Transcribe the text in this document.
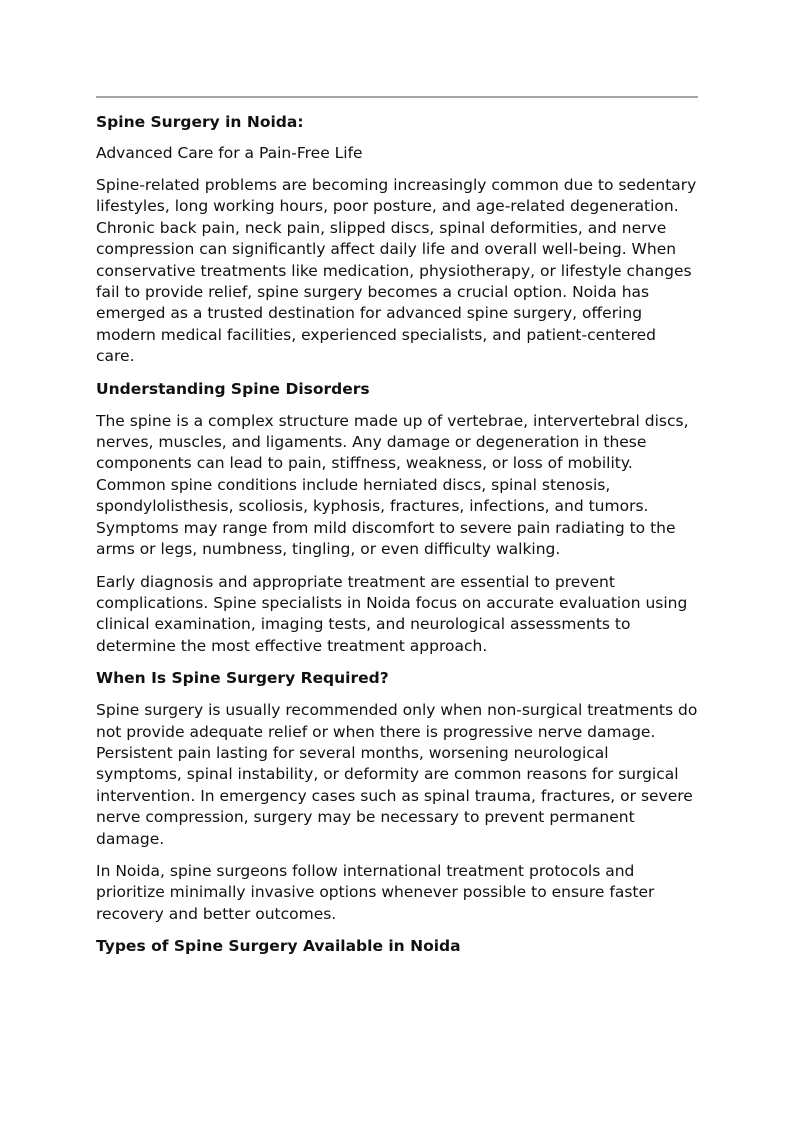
Spine Surgery in Noida:
Advanced Care for a Pain-Free Life
Spine-related problems are becoming increasingly common due to sedentary lifestyles, long working hours, poor posture, and age-related degeneration. Chronic back pain, neck pain, slipped discs, spinal deformities, and nerve compression can significantly affect daily life and overall well-being. When conservative treatments like medication, physiotherapy, or lifestyle changes fail to provide relief, spine surgery becomes a crucial option. Noida has emerged as a trusted destination for advanced spine surgery, offering modern medical facilities, experienced specialists, and patient-centered care.
Understanding Spine Disorders
The spine is a complex structure made up of vertebrae, intervertebral discs, nerves, muscles, and ligaments. Any damage or degeneration in these components can lead to pain, stiffness, weakness, or loss of mobility. Common spine conditions include herniated discs, spinal stenosis, spondylolisthesis, scoliosis, kyphosis, fractures, infections, and tumors. Symptoms may range from mild discomfort to severe pain radiating to the arms or legs, numbness, tingling, or even difficulty walking.
Early diagnosis and appropriate treatment are essential to prevent complications. Spine specialists in Noida focus on accurate evaluation using clinical examination, imaging tests, and neurological assessments to determine the most effective treatment approach.
When Is Spine Surgery Required?
Spine surgery is usually recommended only when non-surgical treatments do not provide adequate relief or when there is progressive nerve damage. Persistent pain lasting for several months, worsening neurological symptoms, spinal instability, or deformity are common reasons for surgical intervention. In emergency cases such as spinal trauma, fractures, or severe nerve compression, surgery may be necessary to prevent permanent damage.
In Noida, spine surgeons follow international treatment protocols and prioritize minimally invasive options whenever possible to ensure faster recovery and better outcomes.
Types of Spine Surgery Available in Noida
